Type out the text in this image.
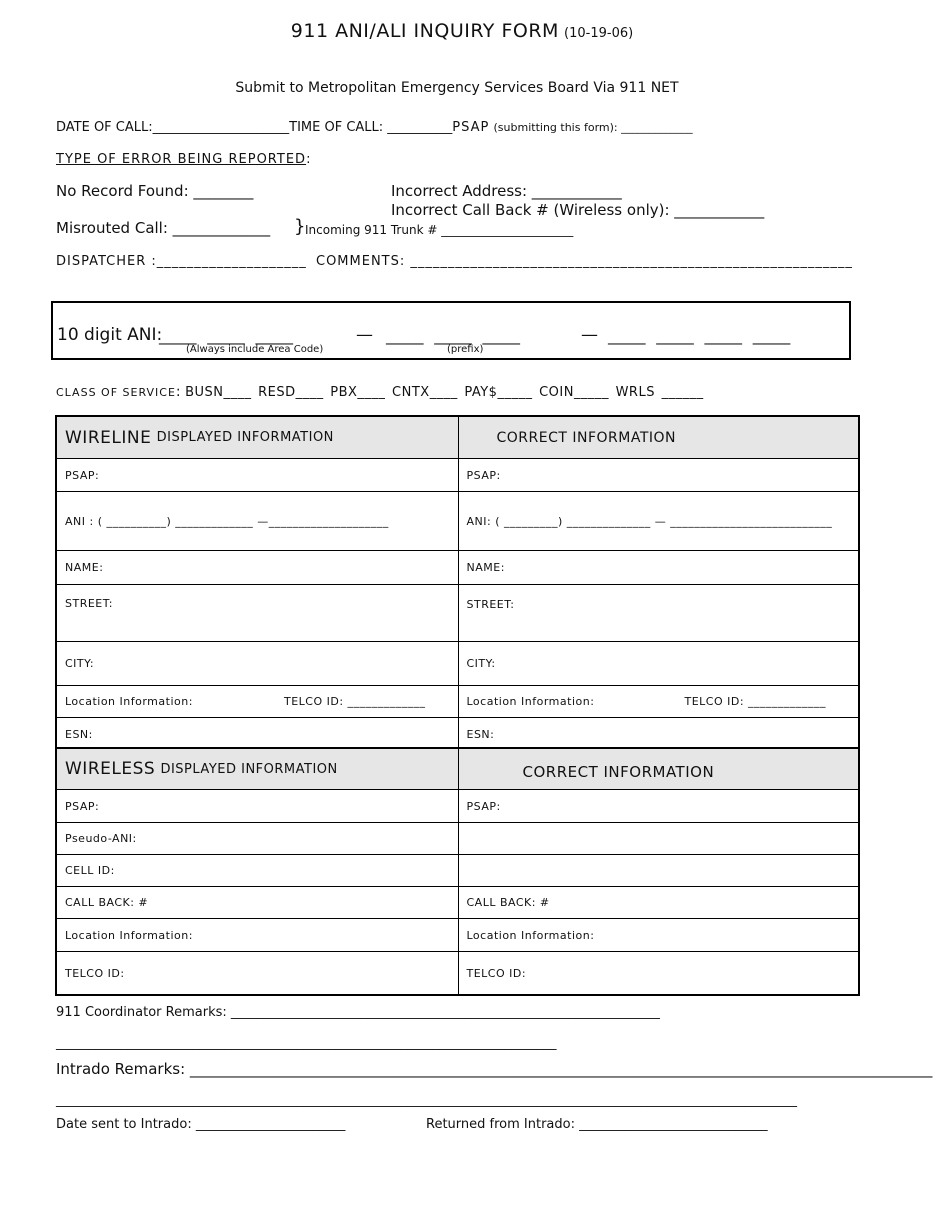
911 ANI/ALI INQUIRY FORM (10-19-06)
Submit to Metropolitan Emergency Services Board Via 911 NET
DATE OF CALL:_____________________TIME OF CALL: __________PSAP (submitting this form): _____________
TYPE OF ERROR BEING REPORTED:
No Record Found: ________	Incorrect Address: ____________
Incorrect Call Back # (Wireless only): ____________
Misrouted Call: _____________ } Incoming 911 Trunk # ______________________
DISPATCHER :____________________ COMMENTS: ___________________________________________________________
10 digit ANI:
_____ _____ _____	— _____ _____ _____	— _____ _____ _____ _____
(Always include Area Code)	(prefix)
CLASS OF SERVICE: BUSN____ RESD____ PBX____ CNTX____ PAY$_____ COIN_____ WRLS ______
WIRELINE
DISPLAYED INFORMATION	CORRECT INFORMATION
PSAP:	PSAP:
ANI : ( __________) _____________ —____________________	ANI: ( _________) ______________ — ___________________________
NAME:	NAME:
STREET:	STREET:
CITY:	CITY:
Location Information:	TELCO ID: _____________	Location Information:	TELCO ID: _____________
ESN:	ESN:
WIRELESS
DISPLAYED INFORMATION	CORRECT INFORMATION
PSAP:	PSAP:
Pseudo-ANI:
CELL ID:
CALL BACK: #	CALL BACK: #
Location Information:	Location Information:
TELCO ID:	TELCO ID:
911 Coordinator Remarks: __________________________________________________________________
_____________________________________________________________________________
Intrado Remarks: ___________________________________________________________________________________________________
__________________________________________________________________________________________________________________
Date sent to Intrado: _______________________	Returned from Intrado: _____________________________
